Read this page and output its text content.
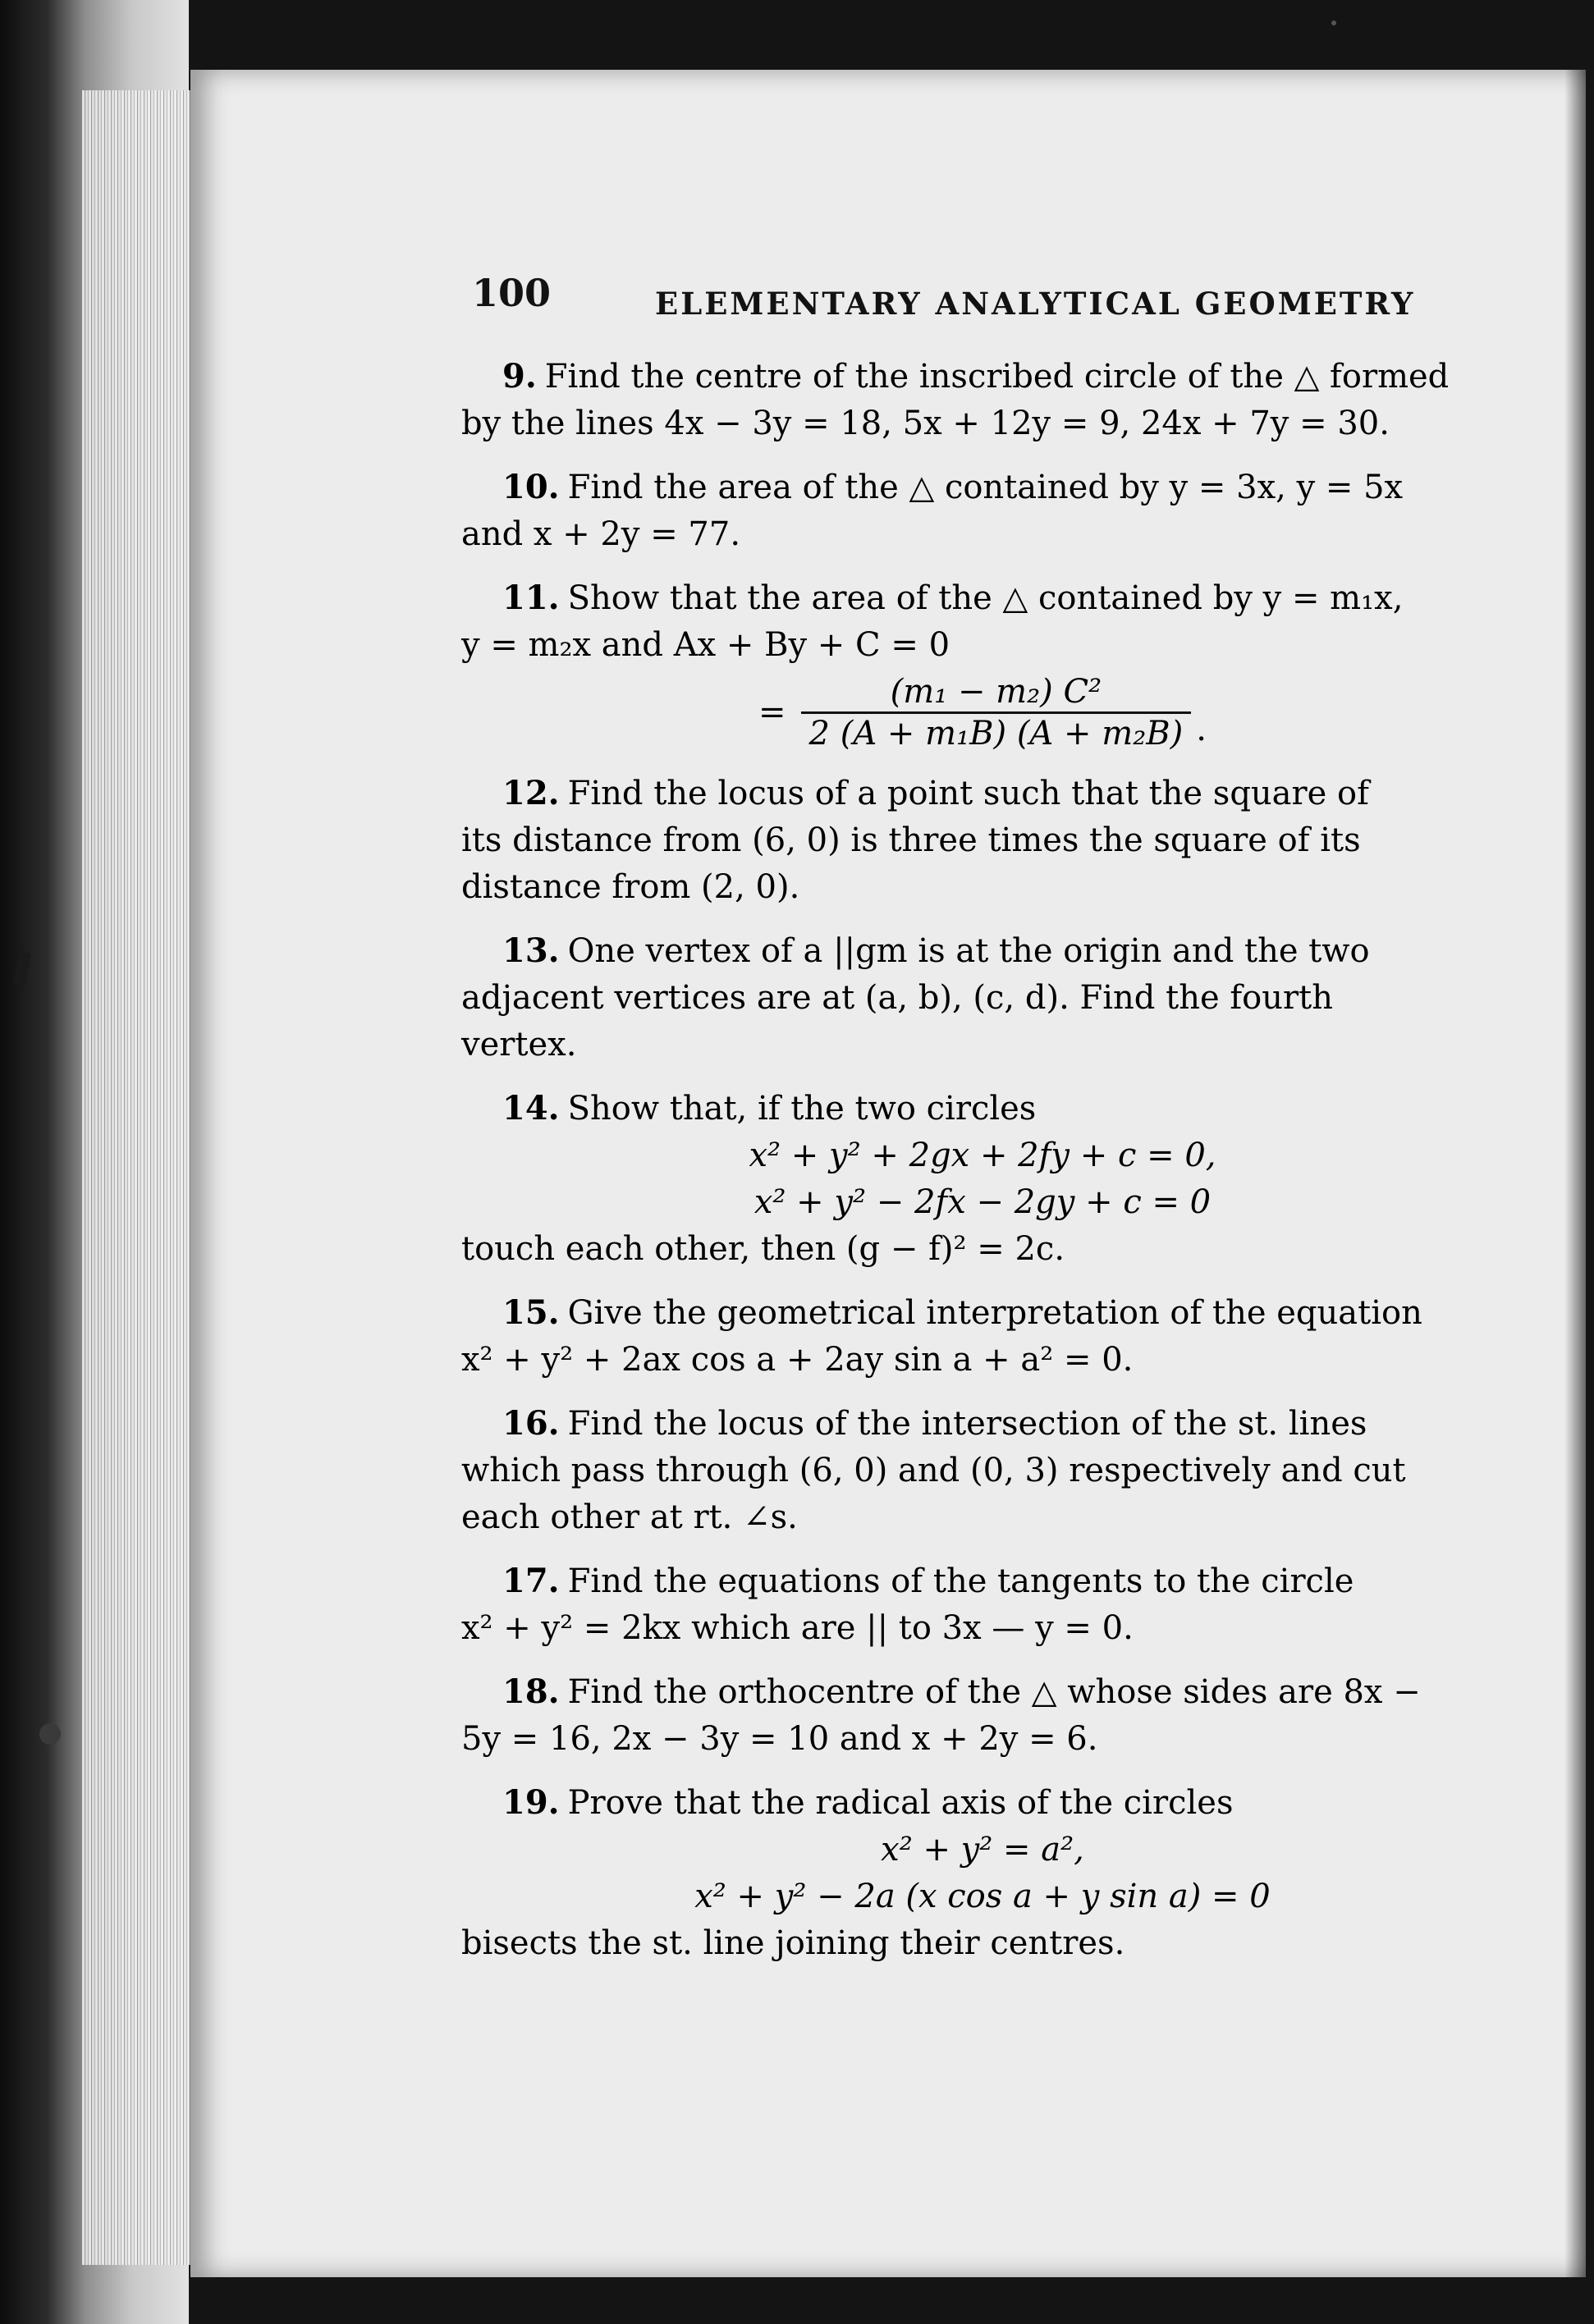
100	ELEMENTARY ANALYTICAL GEOMETRY
9. Find the centre of the inscribed circle of the △ formed
by the lines 4x − 3y = 18, 5x + 12y = 9, 24x + 7y = 30.
10. Find the area of the △ contained by y = 3x, y = 5x
and x + 2y = 77.
11. Show that the area of the △ contained by y = m₁x,
y = m₂x and Ax + By + C = 0
= $\frac{\text{(m₁ − m₂) C²}}{\text{2 (A + m₁B) (A + m₂B)}}$ .
12. Find the locus of a point such that the square of
its distance from (6, 0) is three times the square of its
distance from (2, 0).
13. One vertex of a ||gm is at the origin and the two
adjacent vertices are at (a, b), (c, d). Find the fourth
vertex.
14. Show that, if the two circles
x² + y² + 2gx + 2fy + c = 0,
x² + y² − 2fx − 2gy + c = 0
touch each other, then (g − f)² = 2c.
15. Give the geometrical interpretation of the equation
x² + y² + 2ax cos a + 2ay sin a + a² = 0.
16. Find the locus of the intersection of the st. lines
which pass through (6, 0) and (0, 3) respectively and cut
each other at rt. ∠s.
17. Find the equations of the tangents to the circle
x² + y² = 2kx which are || to 3x — y = 0.
18. Find the orthocentre of the △ whose sides are 8x −
5y = 16, 2x − 3y = 10 and x + 2y = 6.
19. Prove that the radical axis of the circles
x² + y² = a²,
x² + y² − 2a (x cos a + y sin a) = 0
bisects the st. line joining their centres.
